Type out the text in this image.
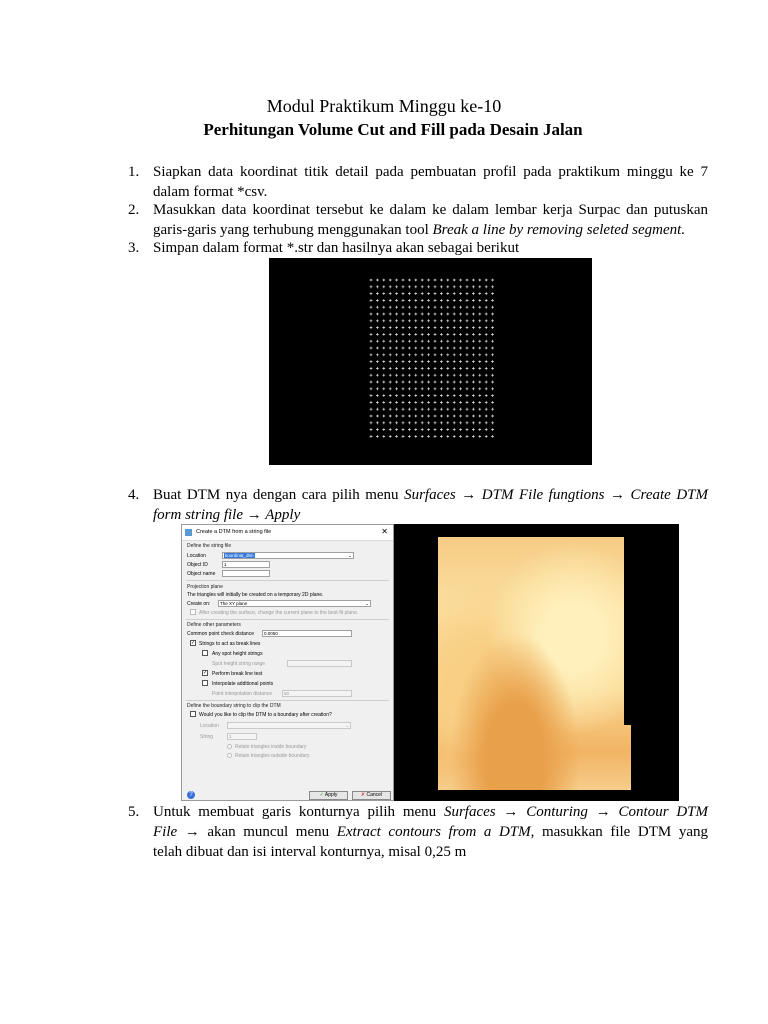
Modul Praktikum Minggu ke-10
Perhitungan Volume Cut and Fill pada Desain Jalan
1. Siapkan data koordinat titik detail pada pembuatan profil pada praktikum minggu ke 7
dalam format *csv.
2. Masukkan data koordinat tersebut ke dalam ke dalam lembar kerja Surpac dan putuskan
garis-garis yang terhubung menggunakan tool Break a line by removing seleted segment.
3. Simpan dalam format *.str dan hasilnya akan sebagai berikut
4. Buat DTM nya dengan cara pilih menu Surfaces → DTM File fungtions → Create DTM
form string file → Apply
Create a DTM from a string file	✕
Define the string file
Location	koordinat_dtm	⌄
Object ID	1
Object name
Projection plane
The triangles will initially be created on a temporary 2D plane.
Create on:	The XY plane	⌄
After creating the surface, change the current plane to the best-fit plane.
Define other parameters
Common point check distance	0.0050
✓ Strings to act as break lines
Any spot height strings
Spot height string range
✓ Perform break line test
Interpolate additional points
Point interpolation distance	50
Define the boundary string to clip the DTM
Would you like to clip the DTM to a boundary after creation?
Location	⌄
String	1
Retain triangles inside boundary
Retain triangles outside boundary
?	✓ Apply	✗ Cancel
5. Untuk membuat garis konturnya pilih menu Surfaces → Conturing → Contour DTM
File → akan muncul menu Extract contours from a DTM, masukkan file DTM yang
telah dibuat dan isi interval konturnya, misal 0,25 m
